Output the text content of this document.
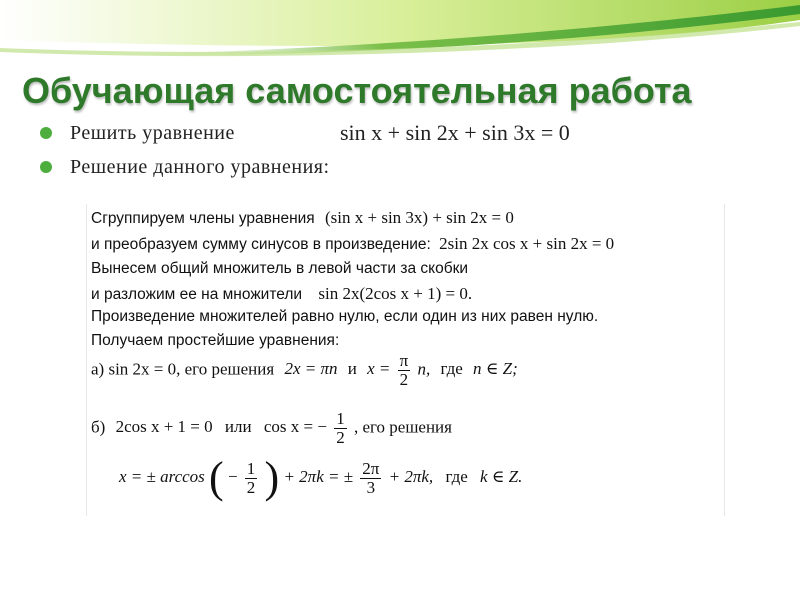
Обучающая самостоятельная работа
Решить уравнение	sin x + sin 2x + sin 3x = 0
Решение данного уравнения:
Сгруппируем члены уравнения (sin x + sin 3x) + sin 2x = 0
и преобразуем сумму синусов в произведение: 2sin 2x cos x + sin 2x = 0
Вынесем общий множитель в левой части за скобки
и разложим ее на множители sin 2x(2cos x + 1) = 0.
Произведение множителей равно нулю, если один из них равен нулю.
Получаем простейшие уравнения:
а) sin 2x = 0, его решения 2x = πn и $x = \frac{\pi}{2} n$, где n ∈ Z;
б) 2cos x + 1 = 0 или cos x = − $\frac{1}{2}$ , его решения
x = ± arccos ( − $\frac{1}{2}$ ) + 2πk = ± $\frac{2\pi}{3} + 2\pi k$, где k ∈ Z.
